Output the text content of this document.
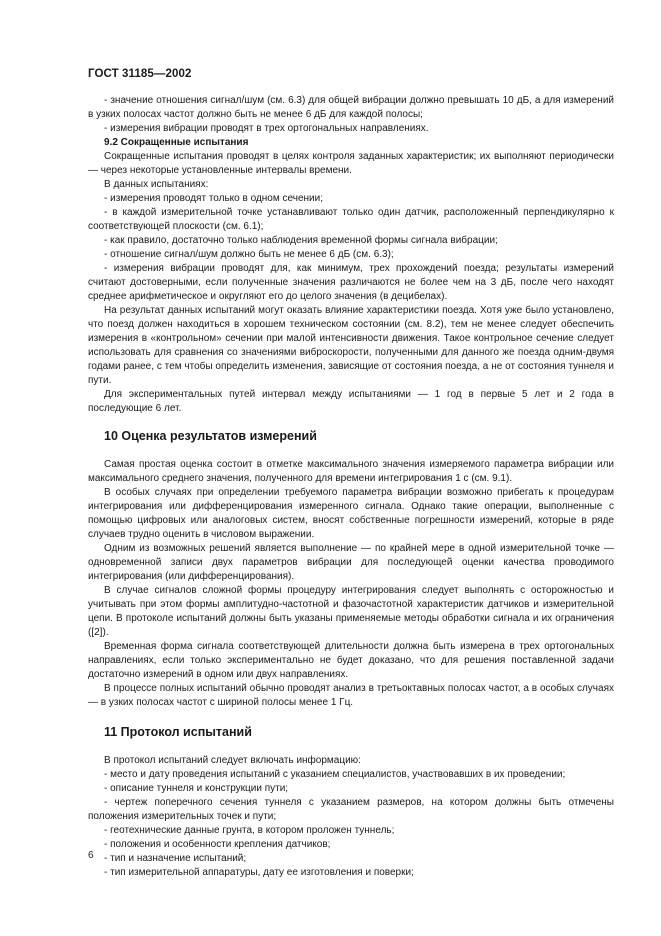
ГОСТ 31185—2002

- значение отношения сигнал/шум (см. 6.3) для общей вибрации должно превышать 10 дБ, а для измерений в узких полосах частот должно быть не менее 6 дБ для каждой полосы;

- измерения вибрации проводят в трех ортогональных направлениях.

9.2 Сокращенные испытания

Сокращенные испытания проводят в целях контроля заданных характеристик; их выполняют периодически — через некоторые установленные интервалы времени.

В данных испытаниях:

- измерения проводят только в одном сечении;

- в каждой измерительной точке устанавливают только один датчик, расположенный перпендикулярно к соответствующей плоскости (см. 6.1);

- как правило, достаточно только наблюдения временной формы сигнала вибрации;

- отношение сигнал/шум должно быть не менее 6 дБ (см. 6.3);

- измерения вибрации проводят для, как минимум, трех прохождений поезда; результаты измерений считают достоверными, если полученные значения различаются не более чем на 3 дБ, после чего находят среднее арифметическое и округляют его до целого значения (в децибелах).

На результат данных испытаний могут оказать влияние характеристики поезда. Хотя уже было установлено, что поезд должен находиться в хорошем техническом состоянии (см. 8.2), тем не менее следует обеспечить измерения в «контрольном» сечении при малой интенсивности движения. Такое контрольное сечение следует использовать для сравнения со значениями виброскорости, полученными для данного же поезда одним-двумя годами ранее, с тем чтобы определить изменения, зависящие от состояния поезда, а не от состояния туннеля и пути.

Для экспериментальных путей интервал между испытаниями — 1 год в первые 5 лет и 2 года в последующие 6 лет.

10 Оценка результатов измерений

Самая простая оценка состоит в отметке максимального значения измеряемого параметра вибрации или максимального среднего значения, полученного для времени интегрирования 1 с (см. 9.1).

В особых случаях при определении требуемого параметра вибрации возможно прибегать к процедурам интегрирования или дифференцирования измеренного сигнала. Однако такие операции, выполненные с помощью цифровых или аналоговых систем, вносят собственные погрешности измерений, которые в ряде случаев трудно оценить в числовом выражении.

Одним из возможных решений является выполнение — по крайней мере в одной измерительной точке — одновременной записи двух параметров вибрации для последующей оценки качества проводимого интегрирования (или дифференцирования).

В случае сигналов сложной формы процедуру интегрирования следует выполнять с осторожностью и учитывать при этом формы амплитудно-частотной и фазочастотной характеристик датчиков и измерительной цепи. В протоколе испытаний должны быть указаны применяемые методы обработки сигнала и их ограничения ([2]).

Временная форма сигнала соответствующей длительности должна быть измерена в трех ортогональных направлениях, если только экспериментально не будет доказано, что для решения поставленной задачи достаточно измерений в одном или двух направлениях.

В процессе полных испытаний обычно проводят анализ в третьоктавных полосах частот, а в особых случаях — в узких полосах частот с шириной полосы менее 1 Гц.

11 Протокол испытаний

В протокол испытаний следует включать информацию:

- место и дату проведения испытаний с указанием специалистов, участвовавших в их проведении;

- описание туннеля и конструкции пути;

- чертеж поперечного сечения туннеля с указанием размеров, на котором должны быть отмечены положения измерительных точек и пути;

- геотехнические данные грунта, в котором проложен туннель;

- положения и особенности крепления датчиков;

- тип и назначение испытаний;

- тип измерительной аппаратуры, дату ее изготовления и поверки;

6
